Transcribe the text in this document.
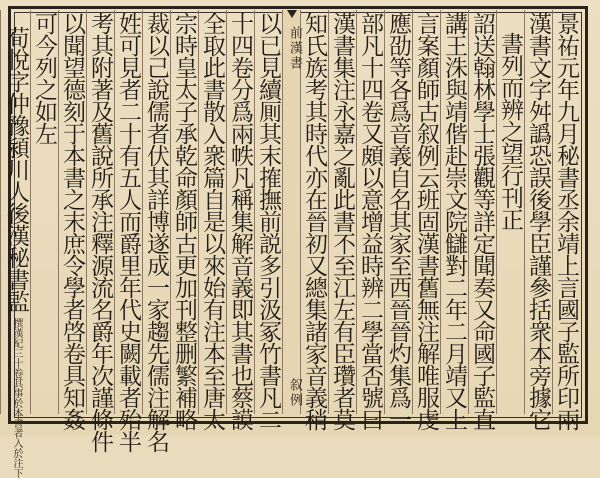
景祐元年九月秘書丞余靖上言國子監所印兩
漢書文字舛譌恐誤後學臣謹參括衆本旁據它
書列而辨之望行刊正
詔送翰林學士張觀等詳定聞奏又命國子監直
講王洙與靖偕赴崇文院讎對二年二月靖又上
言案顏師古叙例云班固漢書舊無注解唯服虔
應劭等各爲音義自名其家至西晉晉灼集爲一
部凡十四卷又頗以意增益時辨二學當否號曰
漢書集注永嘉之亂此書不至江左有臣瓚者莫
知氏族考其時代亦在晉初又總集諸家音義稍
前漢書
叙例
以已見續厠其末搉撫前説多引汲冢竹書凡二
十四卷分爲兩帙凡稱集解音義即其書也蔡謨
全取此書散入衆篇自是以來始有注本至唐太
宗時皇太子承乾命顏師古更加刊整删繁補略
裁以己說儒者伏其詳博遂成一家趨先儒注解名
姓可見者二十有五人而爵里年代史闕載者殆半
考其附著及舊說所承注釋源流名爵年次謹條件
以聞望德刻于本書之末庶令學者啓卷具知姦
可今列之如左
荀悅字仲豫潁川人後漢秘書監撰漢紀三十卷其事於本書者入於注下
